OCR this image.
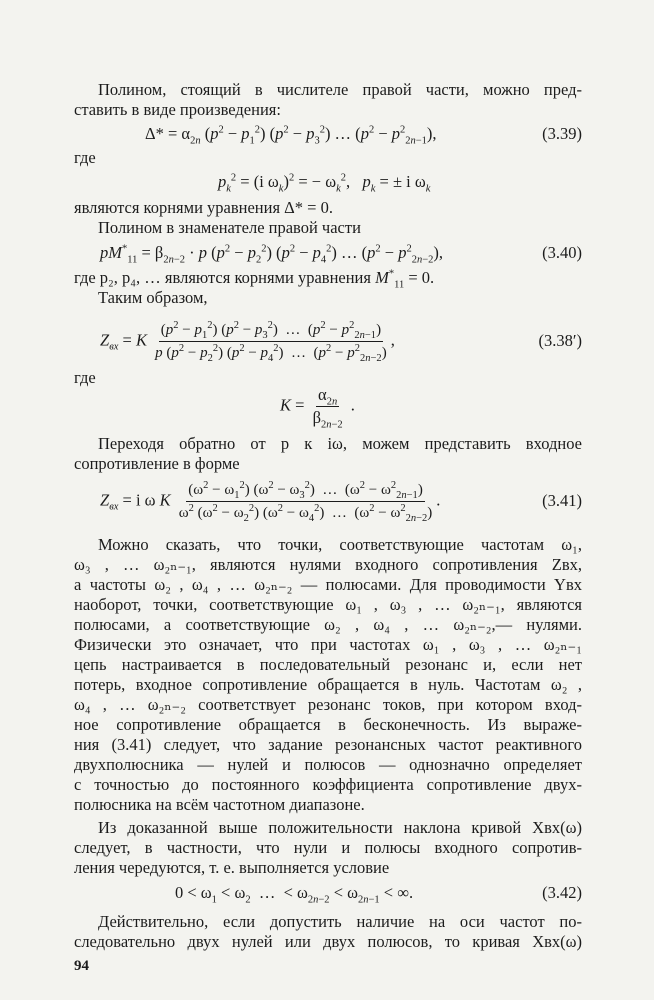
Полином, стоящий в числителе правой части, можно пред-
ставить в виде произведения:
$\Delta* = \alpha_{2n}$ $(p^2 - p_1^2) (p^2 - p_3^2)$ … $(p^2 - p^2_{2n-1})$,	(3.39)
где
$p_k^2 = (i$ $\omega_k)^2$ = − $\omega_k^2$,   $p_k$ = ± i $\omega_k$
являются корнями уравнения Δ* = 0.
Полином в знаменателе правой части
$pM^*_{11} = \beta_{2n-2} \cdot p$ $(p^2 - p_2^2) (p^2 - p_4^2)$ … $(p^2 - p^2_{2n-2})$,	(3.40)
где p₂, p₄, … являются корнями уравнения $M^*_{11} = 0$.
Таким образом,
$Z_{вх} = K \frac{(p^2 - p_1^2) (p^2 - p_3^2) \dots (p^2 - p^2_{2n-1})}{p (p^2 - p_2^2) (p^2 - p_4^2) \dots (p^2 - p^2_{2n-2})}$ ,	(3.38′)
где
$K = \frac{\alpha_{2n}}{\beta_{2n-2}}$ .
Переходя обратно от p к iω, можем представить входное
сопротивление в форме
$Z_{вх} = i$ ω K $\frac{(\omega^2 - \omega_1^2) (\omega^2 - \omega_3^2) \dots (\omega^2 - \omega^2_{2n-1})}{\omega^2 (\omega^2 - \omega_2^2) (\omega^2 - \omega_4^2) \dots (\omega^2 - \omega^2_{2n-2})}$ .	(3.41)
Можно сказать, что точки, соответствующие частотам ω₁,
ω₃ , … ω₂ₙ₋₁, являются нулями входного сопротивления Zвх,
а частоты ω₂ , ω₄ , … ω₂ₙ₋₂ — полюсами. Для проводимости Yвх
наоборот, точки, соответствующие ω₁ , ω₃ , … ω₂ₙ₋₁, являются
полюсами, а соответствующие ω₂ , ω₄ , … ω₂ₙ₋₂,— нулями.
Физически это означает, что при частотах ω₁ , ω₃ , … ω₂ₙ₋₁
цепь настраивается в последовательный резонанс и, если нет
потерь, входное сопротивление обращается в нуль. Частотам ω₂ ,
ω₄ , … ω₂ₙ₋₂ соответствует резонанс токов, при котором вход-
ное сопротивление обращается в бесконечность. Из выраже-
ния (3.41) следует, что задание резонансных частот реактивного
двухполюсника — нулей и полюсов — однозначно определяет
с точностью до постоянного коэффициента сопротивление двух-
полюсника на всём частотном диапазоне.
Из доказанной выше положительности наклона кривой Xвх(ω)
следует, в частности, что нули и полюсы входного сопротив-
ления чередуются, т. е. выполняется условие
$0 < \omega_1 < \omega_2$  …  < $\omega_{2n-2} < \omega_{2n-1}$ < ∞.	(3.42)
Действительно, если допустить наличие на оси частот по-
следовательно двух нулей или двух полюсов, то кривая Xвх(ω)
94
